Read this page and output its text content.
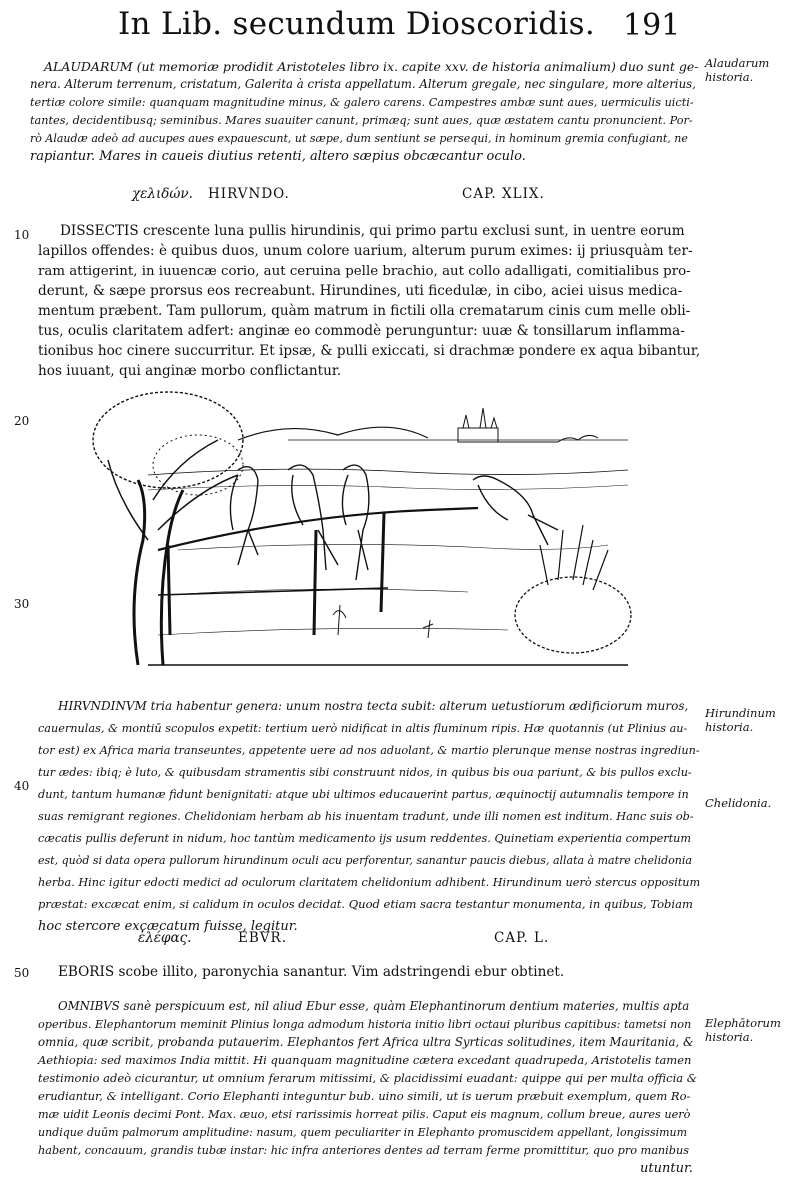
In Lib. secundum Dioscoridis. 191
ALAUDARUM (ut memoriæ prodidit Aristoteles libro ix. capite xxv. de historia animalium) duo sunt ge-
nera. Alterum terrenum, cristatum, Galerita à crista appellatum. Alterum gregale, nec singulare, more alterius,
tertiæ colore simile: quanquam magnitudine minus, & galero carens. Campestres ambæ sunt aues, uermiculis uicti-
tantes, decidentibusq; seminibus. Mares suauiter canunt, primæq; sunt aues, quæ æstatem cantu pronuncient. Por-
rò Alaudæ adeò ad aucupes aues expauescunt, ut sæpe, dum sentiunt se persequi, in hominum gremia confugiant, ne
rapiantur. Mares in caueis diutius retenti, altero sæpius obcæcantur oculo.
Alaudarum
historia.
χελιδών. HIRVNDO.	CAP. XLIX.
10 DISSECTIS crescente luna pullis hirundinis, qui primo partu exclusi sunt, in uentre eorum
lapillos offendes: è quibus duos, unum colore uarium, alterum purum eximes: ij priusquàm ter-
ram attigerint, in iuuencæ corio, aut ceruina pelle brachio, aut collo adalligati, comitialibus pro-
derunt, & sæpe prorsus eos recreabunt. Hirundines, uti ficedulæ, in cibo, aciei uisus medica-
mentum præbent. Tam pullorum, quàm matrum in fictili olla crematarum cinis cum melle obli-
tus, oculis claritatem adfert: anginæ eo commodè perunguntur: uuæ & tonsillarum inflamma-
tionibus hoc cinere succurritur. Et ipsæ, & pulli exiccati, si drachmæ pondere ex aqua bibantur,
hos iuuant, qui anginæ morbo conflictantur.
20
30
40
50
HIRVNDINVM tria habentur genera: unum nostra tecta subit: alterum uetustiorum ædificiorum muros,
cauernulas, & montiū scopulos expetit: tertium uerò nidificat in altis fluminum ripis. Hæ quotannis (ut Plinius au-
tor est) ex Africa maria transeuntes, appetente uere ad nos aduolant, & martio plerunque mense nostras ingrediun-
tur ædes: ibiq; è luto, & quibusdam stramentis sibi construunt nidos, in quibus bis oua pariunt, & bis pullos exclu-
dunt, tantum humanæ fidunt benignitati: atque ubi ultimos educauerint partus, æquinoctij autumnalis tempore in
suas remigrant regiones. Chelidoniam herbam ab his inuentam tradunt, unde illi nomen est inditum. Hanc suis ob-
cæcatis pullis deferunt in nidum, hoc tantùm medicamento ijs usum reddentes. Quinetiam experientia compertum
est, quòd si data opera pullorum hirundinum oculi acu perforentur, sanantur paucis diebus, allata à matre chelidonia
herba. Hinc igitur edocti medici ad oculorum claritatem chelidonium adhibent. Hirundinum uerò stercus oppositum
præstat: excæcat enim, si calidum in oculos decidat. Quod etiam sacra testantur monumenta, in quibus, Tobiam
hoc stercore excæcatum fuisse, legitur.
Hirundinum
historia.
Chelidonia.
ἐλέφας.	EBVR.	CAP. L.
EBORIS scobe illito, paronychia sanantur. Vim adstringendi ebur obtinet.
OMNIBVS sanè perspicuum est, nil aliud Ebur esse, quàm Elephantinorum dentium materies, multis apta
operibus. Elephantorum meminit Plinius longa admodum historia initio libri octaui pluribus capitibus: tametsi non
omnia, quæ scribit, probanda putauerim. Elephantos fert Africa ultra Syrticas solitudines, item Mauritania, &
Aethiopia: sed maximos India mittit. Hi quanquam magnitudine cætera excedant quadrupeda, Aristotelis tamen
testimonio adeò cicurantur, ut omnium ferarum mitissimi, & placidissimi euadant: quippe qui per multa officia &
erudiantur, & intelligant. Corio Elephanti integuntur bub. uino simili, ut is uerum præbuit exemplum, quem Ro-
mæ uidit Leonis decimi Pont. Max. æuo, etsi rarissimis horreat pilis. Caput eis magnum, collum breue, aures uerò
undique duūm palmorum amplitudine: nasum, quem peculiariter in Elephanto promuscidem appellant, longissimum
habent, concauum, grandis tubæ instar: hic infra anteriores dentes ad terram ferme promittitur, quo pro manibus
utuntur.
Elephātorum
historia.
